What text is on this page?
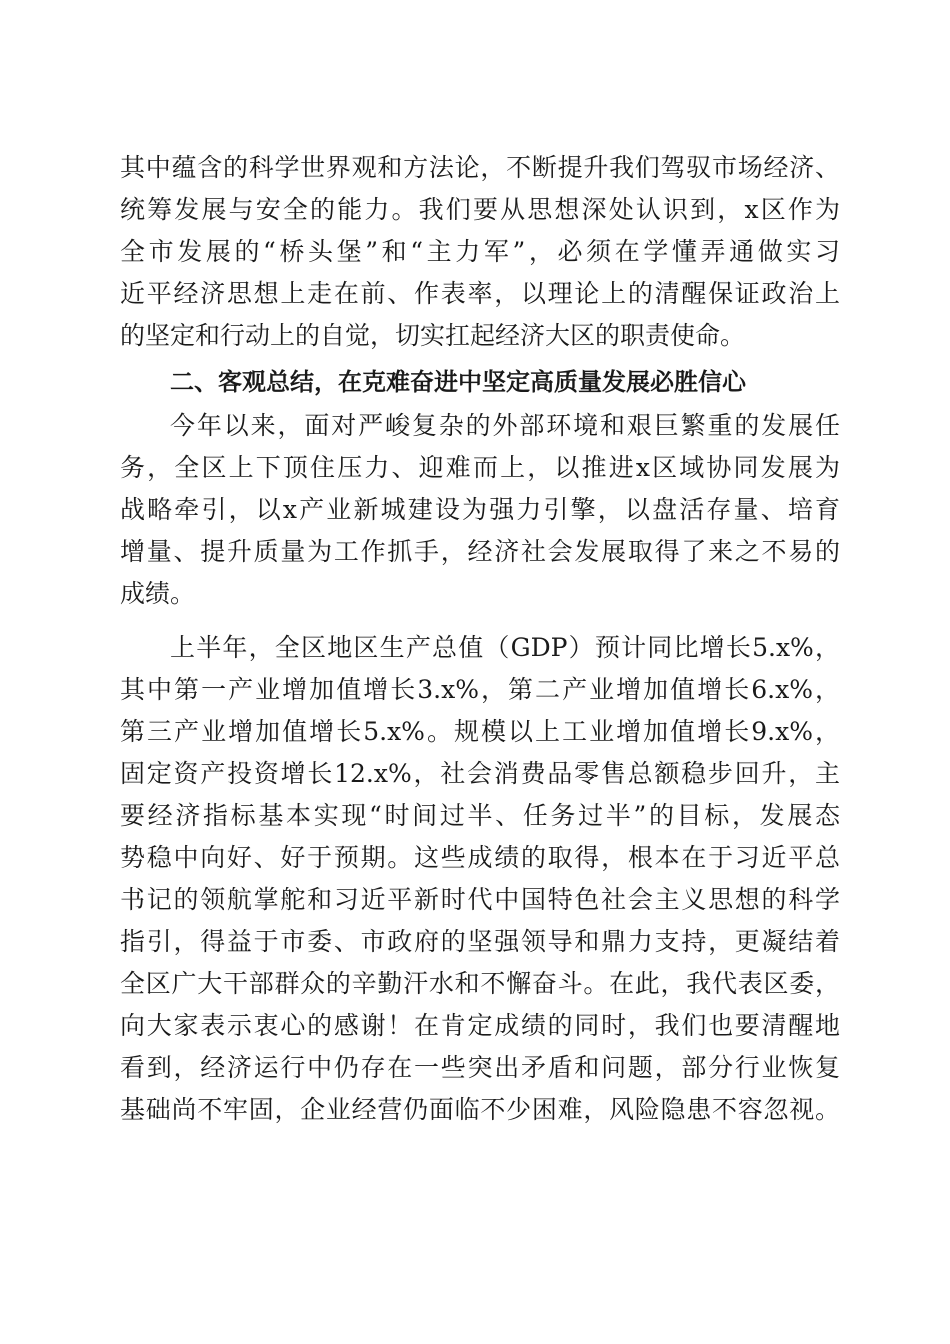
其中蕴含的科学世界观和方法论，不断提升我们驾驭市场经济、
统筹发展与安全的能力。我们要从思想深处认识到，x区作为
全市发展的“桥头堡”和“主力军”，必须在学懂弄通做实习
近平经济思想上走在前、作表率，以理论上的清醒保证政治上
的坚定和行动上的自觉，切实扛起经济大区的职责使命。
二、客观总结，在克难奋进中坚定高质量发展必胜信心
今年以来，面对严峻复杂的外部环境和艰巨繁重的发展任
务，全区上下顶住压力、迎难而上，以推进x区域协同发展为
战略牵引，以x产业新城建设为强力引擎，以盘活存量、培育
增量、提升质量为工作抓手，经济社会发展取得了来之不易的
成绩。
上半年，全区地区生产总值（GDP）预计同比增长5.x%，
其中第一产业增加值增长3.x%，第二产业增加值增长6.x%，
第三产业增加值增长5.x%。规模以上工业增加值增长9.x%，
固定资产投资增长12.x%，社会消费品零售总额稳步回升，主
要经济指标基本实现“时间过半、任务过半”的目标，发展态
势稳中向好、好于预期。这些成绩的取得，根本在于习近平总
书记的领航掌舵和习近平新时代中国特色社会主义思想的科学
指引，得益于市委、市政府的坚强领导和鼎力支持，更凝结着
全区广大干部群众的辛勤汗水和不懈奋斗。在此，我代表区委，
向大家表示衷心的感谢！在肯定成绩的同时，我们也要清醒地
看到，经济运行中仍存在一些突出矛盾和问题，部分行业恢复
基础尚不牢固，企业经营仍面临不少困难，风险隐患不容忽视。
